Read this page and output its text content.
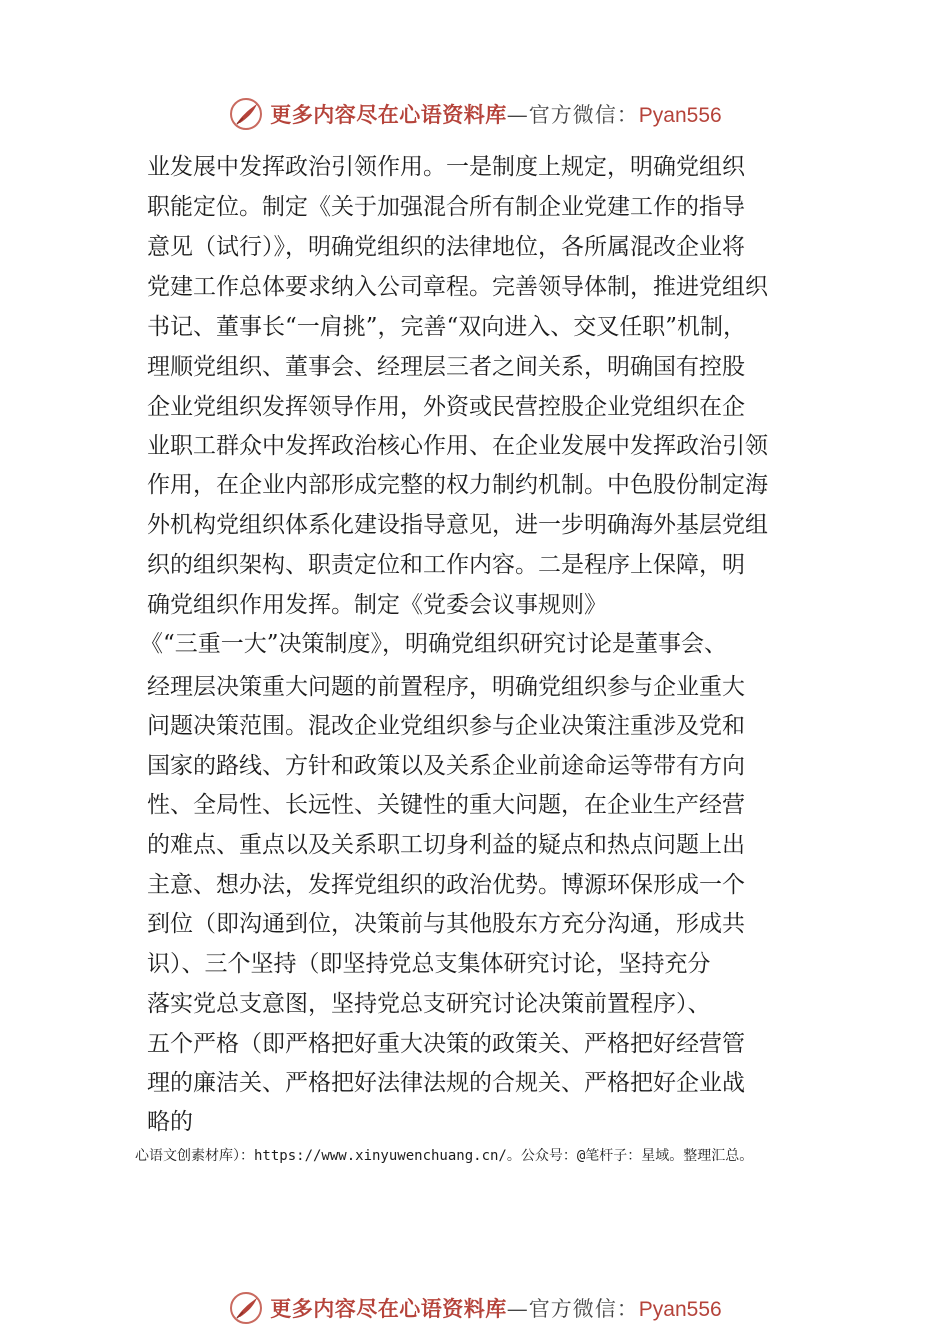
更多内容尽在心语资料库—官方微信：Pyan556
业发展中发挥政治引领作用。一是制度上规定，明确党组织
职能定位。制定《关于加强混合所有制企业党建工作的指导
意见（试行）》，明确党组织的法律地位，各所属混改企业将
党建工作总体要求纳入公司章程。完善领导体制，推进党组织
书记、董事长“一肩挑”，完善“双向进入、交叉任职”机制，
理顺党组织、董事会、经理层三者之间关系，明确国有控股
企业党组织发挥领导作用，外资或民营控股企业党组织在企
业职工群众中发挥政治核心作用、在企业发展中发挥政治引领
作用，在企业内部形成完整的权力制约机制。中色股份制定海
外机构党组织体系化建设指导意见，进一步明确海外基层党组
织的组织架构、职责定位和工作内容。二是程序上保障，明
确党组织作用发挥。制定《党委会议事规则》
《“三重一大”决策制度》，明确党组织研究讨论是董事会、
经理层决策重大问题的前置程序，明确党组织参与企业重大
问题决策范围。混改企业党组织参与企业决策注重涉及党和
国家的路线、方针和政策以及关系企业前途命运等带有方向
性、全局性、长远性、关键性的重大问题，在企业生产经营
的难点、重点以及关系职工切身利益的疑点和热点问题上出
主意、想办法，发挥党组织的政治优势。博源环保形成一个
到位（即沟通到位，决策前与其他股东方充分沟通，形成共
识）、三个坚持（即坚持党总支集体研究讨论，坚持充分
落实党总支意图，坚持党总支研究讨论决策前置程序）、
五个严格（即严格把好重大决策的政策关、严格把好经营管
理的廉洁关、严格把好法律法规的合规关、严格把好企业战
略的
心语文创素材库）：https://www.xinyuwenchuang.cn/。公众号：@笔杆子：星域。整理汇总。
更多内容尽在心语资料库—官方微信：Pyan556
